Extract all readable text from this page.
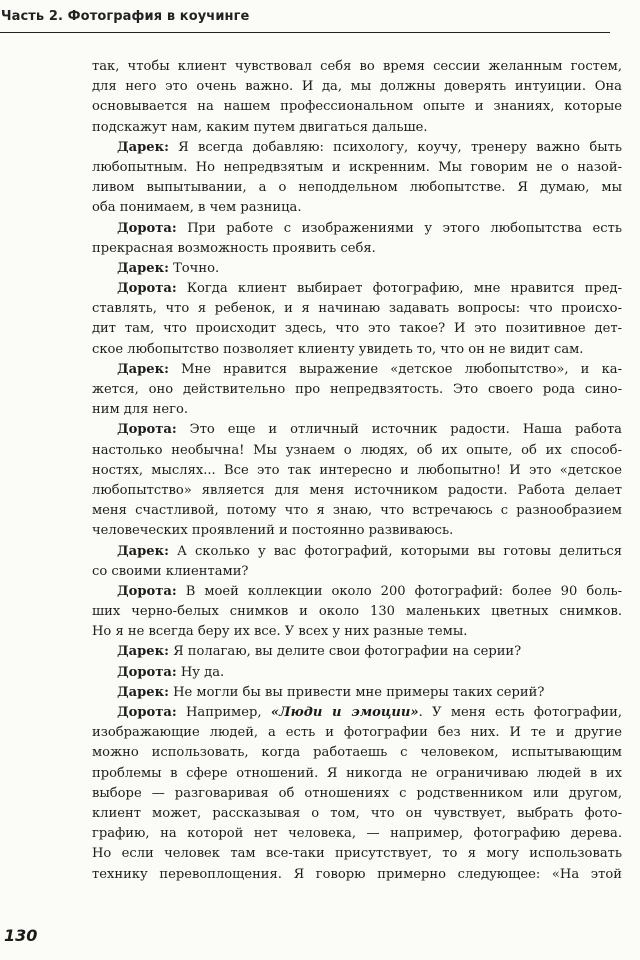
Часть 2. Фотография в коучинге
так, чтобы клиент чувствовал себя во время сессии желанным гостем,
для него это очень важно. И да, мы должны доверять интуиции. Она
основывается на нашем профессиональном опыте и знаниях, которые
подскажут нам, каким путем двигаться дальше.
Дарек: Я всегда добавляю: психологу, коучу, тренеру важно быть
любопытным. Но непредвзятым и искренним. Мы говорим не о назой-
ливом выпытывании, а о неподдельном любопытстве. Я думаю, мы
оба понимаем, в чем разница.
Дорота: При работе с изображениями у этого любопытства есть
прекрасная возможность проявить себя.
Дарек: Точно.
Дорота: Когда клиент выбирает фотографию, мне нравится пред-
ставлять, что я ребенок, и я начинаю задавать вопросы: что происхо-
дит там, что происходит здесь, что это такое? И это позитивное дет-
ское любопытство позволяет клиенту увидеть то, что он не видит сам.
Дарек: Мне нравится выражение «детское любопытство», и ка-
жется, оно действительно про непредвзятость. Это своего рода сино-
ним для него.
Дорота: Это еще и отличный источник радости. Наша работа
настолько необычна! Мы узнаем о людях, об их опыте, об их способ-
ностях, мыслях... Все это так интересно и любопытно! И это «детское
любопытство» является для меня источником радости. Работа делает
меня счастливой, потому что я знаю, что встречаюсь с разнообразием
человеческих проявлений и постоянно развиваюсь.
Дарек: А сколько у вас фотографий, которыми вы готовы делиться
со своими клиентами?
Дорота: В моей коллекции около 200 фотографий: более 90 боль-
ших черно-белых снимков и около 130 маленьких цветных снимков.
Но я не всегда беру их все. У всех у них разные темы.
Дарек: Я полагаю, вы делите свои фотографии на серии?
Дорота: Ну да.
Дарек: Не могли бы вы привести мне примеры таких серий?
Дорота: Например, «Люди и эмоции». У меня есть фотографии,
изображающие людей, а есть и фотографии без них. И те и другие
можно использовать, когда работаешь с человеком, испытывающим
проблемы в сфере отношений. Я никогда не ограничиваю людей в их
выборе — разговаривая об отношениях с родственником или другом,
клиент может, рассказывая о том, что он чувствует, выбрать фото-
графию, на которой нет человека, — например, фотографию дерева.
Но если человек там все-таки присутствует, то я могу использовать
технику перевоплощения. Я говорю примерно следующее: «На этой
130
